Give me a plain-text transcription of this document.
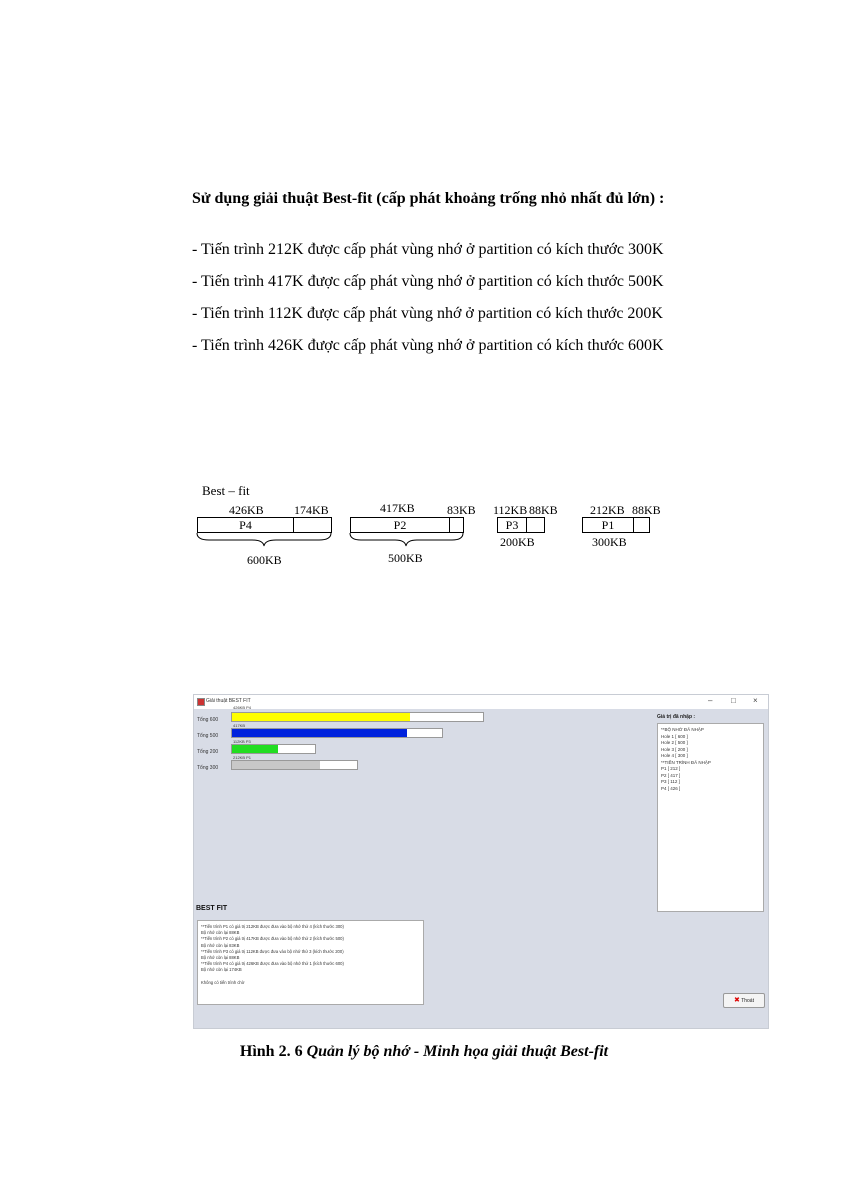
Sử dụng giải thuật Best-fit (cấp phát khoảng trống nhỏ nhất đủ lớn) :
- Tiến trình 212K được cấp phát vùng nhớ ở partition có kích thước 300K
- Tiến trình 417K được cấp phát vùng nhớ ở partition có kích thước 500K
- Tiến trình 112K được cấp phát vùng nhớ ở partition có kích thước 200K
- Tiến trình 426K được cấp phát vùng nhớ ở partition có kích thước 600K
Best – fit
426KB	174KB
P4
600KB
417KB	83KB
P2
500KB
112KB 88KB
P3
200KB
212KB 88KB
P1
300KB
Giải thuật BEST FIT	– □ ×
Tổng 600
426KB P4
Tổng 500
417KB
Tổng 200
112KB P3
Tổng 300
212KB P1
Giá trị đã nhập :
**BỘ NHỚ ĐÃ NHẬP
Hole 1 [ 600 ]
Hole 2 [ 500 ]
Hole 3 [ 200 ]
Hole 4 [ 300 ]
**TIẾN TRÌNH ĐÃ NHẬP
P1 [ 212 ]
P2 [ 417 ]
P3 [ 112 ]
P4 [ 426 ]
BEST FIT
**Tiến trình P1 có giá trị 212KB được đưa vào bộ nhớ thứ 4 (kích thước 300)
Bộ nhớ còn lại 88KB
**Tiến trình P2 có giá trị 417KB được đưa vào bộ nhớ thứ 2 (kích thước 500)
Bộ nhớ còn lại 83KB
**Tiến trình P3 có giá trị 112KB được đưa vào bộ nhớ thứ 3 (kích thước 200)
Bộ nhớ còn lại 88KB
**Tiến trình P4 có giá trị 426KB được đưa vào bộ nhớ thứ 1 (kích thước 600)
Bộ nhớ còn lại 174KB
Không có tiến trình chờ
✖ Thoát
Hình 2. 6 Quản lý bộ nhớ - Minh họa giải thuật Best-fit
